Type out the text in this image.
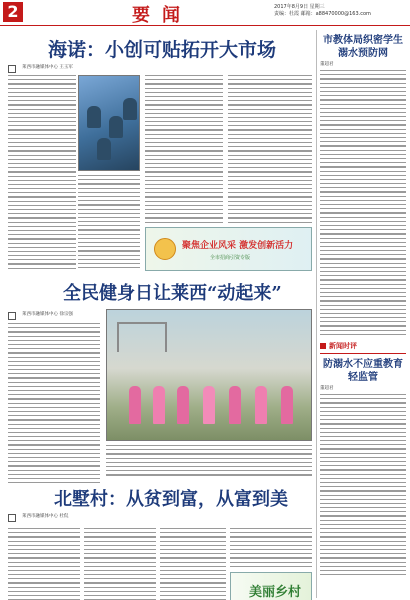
2	要闻	2017年8月9日 星期三
责编：杜霞 邮箱：a88470000@163.com
海诺：小创可贴拓开大市场
莱西市融媒体中心 王玉军
聚焦企业风采 激发创新活力
全市招商引资专版
全民健身日让莱西“动起来”
莱西市融媒体中心 徐宗强
北墅村：从贫到富，从富到美
莱西市融媒体中心 杜侃
美丽乡村
市教体局织密学生溺水预防网
董超君
新闻时评
防溺水不应重教育轻监管
董超君
